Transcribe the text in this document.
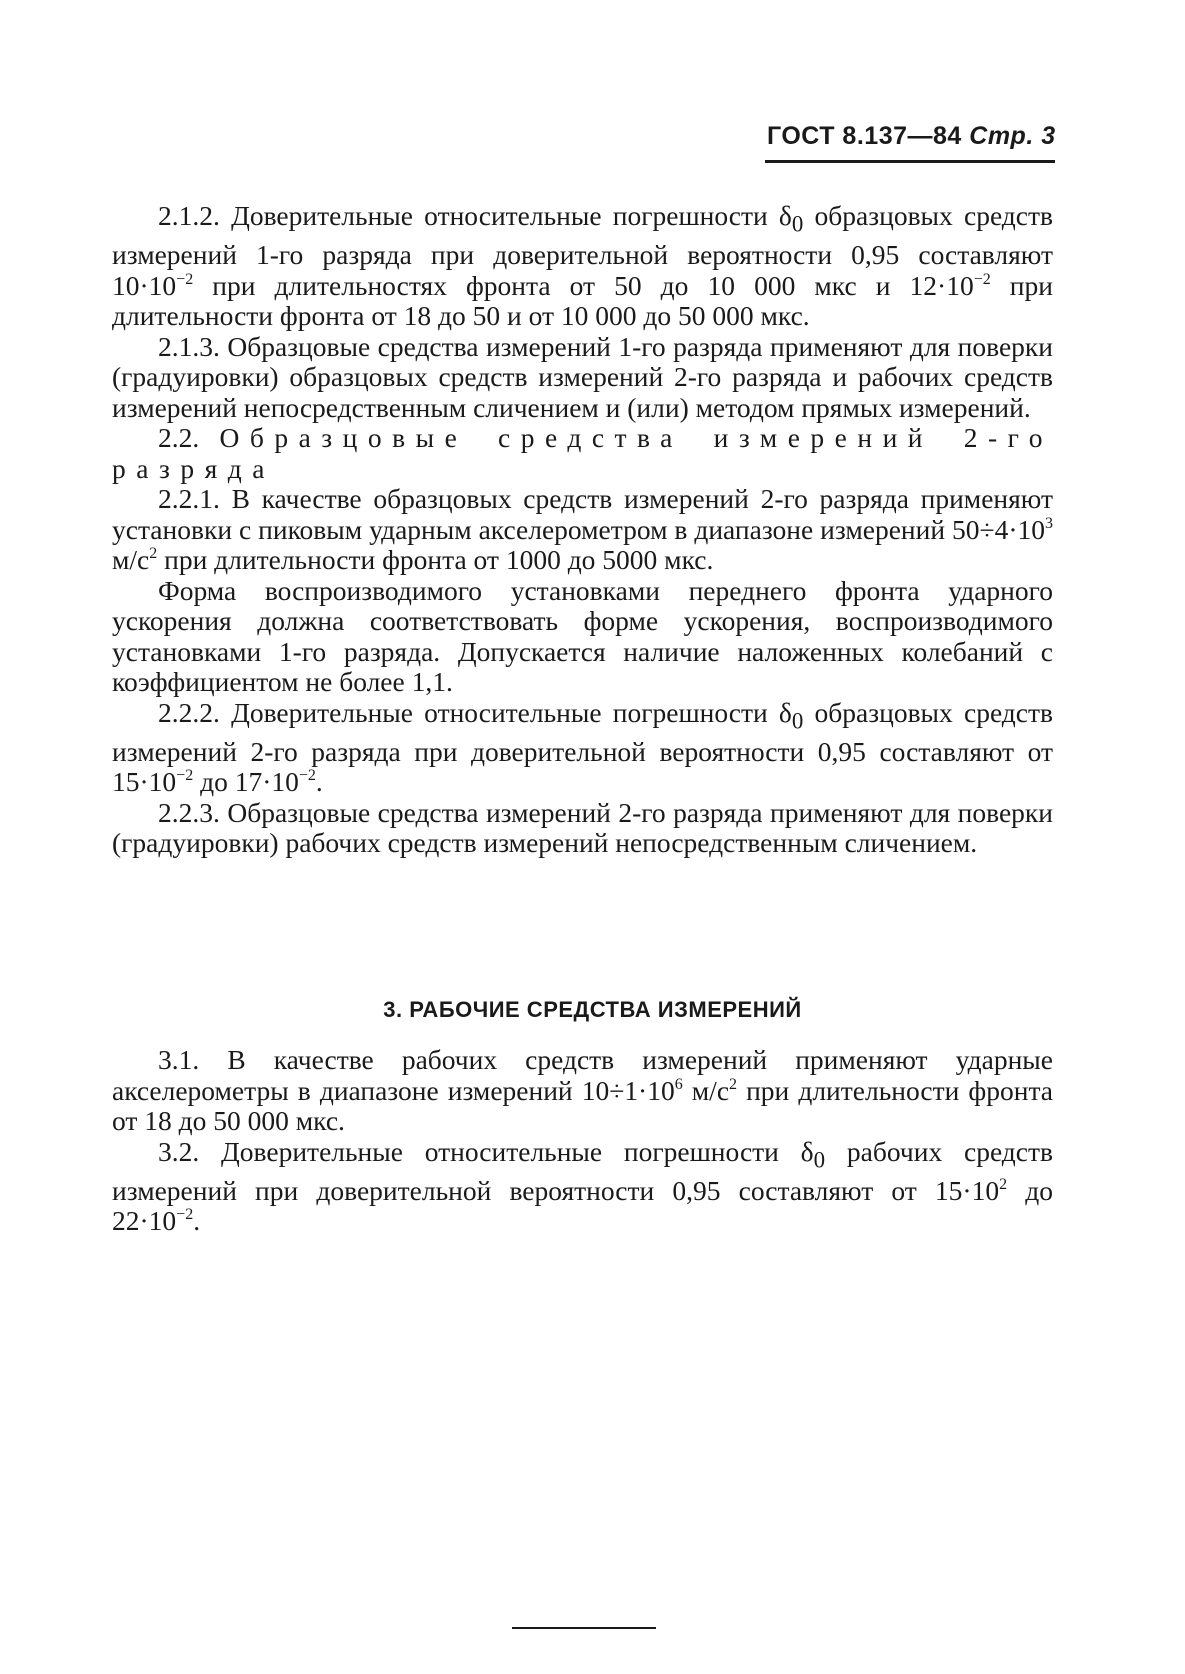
ГОСТ 8.137—84 Стр. 3

2.1.2. Доверительные относительные погрешности $\delta_0$ образцовых средств измерений 1-го разряда при доверительной вероятности 0,95 составляют $10\cdot 10^{-2}$ при длительностях фронта от 50 до 10 000 мкс и $12\cdot 10^{-2}$ при длительности фронта от 18 до 50 и от 10 000 до 50 000 мкс.

2.1.3. Образцовые средства измерений 1-го разряда применяют для поверки (градуировки) образцовых средств измерений 2-го разряда и рабочих средств измерений непосредственным сличением и (или) методом прямых измерений.

2.2. Образцовые средства измерений 2-го разряда

2.2.1. В качестве образцовых средств измерений 2-го разряда применяют установки с пиковым ударным акселерометром в диапазоне измерений $50\div 4\cdot 10^3$ $м/с^2$ при длительности фронта от 1000 до 5000 мкс.

Форма воспроизводимого установками переднего фронта ударного ускорения должна соответствовать форме ускорения, воспроизводимого установками 1-го разряда. Допускается наличие наложенных колебаний с коэффициентом не более 1,1.

2.2.2. Доверительные относительные погрешности $\delta_0$ образцовых средств измерений 2-го разряда при доверительной вероятности 0,95 составляют от $15\cdot 10^{-2}$ до $17\cdot 10^{-2}$.

2.2.3. Образцовые средства измерений 2-го разряда применяют для поверки (градуировки) рабочих средств измерений непосредственным сличением.

3. РАБОЧИЕ СРЕДСТВА ИЗМЕРЕНИЙ

3.1. В качестве рабочих средств измерений применяют ударные акселерометры в диапазоне измерений $10\div 1\cdot 10^6$ $м/с^2$ при длительности фронта от 18 до 50 000 мкс.

3.2. Доверительные относительные погрешности $\delta_0$ рабочих средств измерений при доверительной вероятности 0,95 составляют от $15\cdot 10^2$ до $22\cdot 10^{-2}$.
